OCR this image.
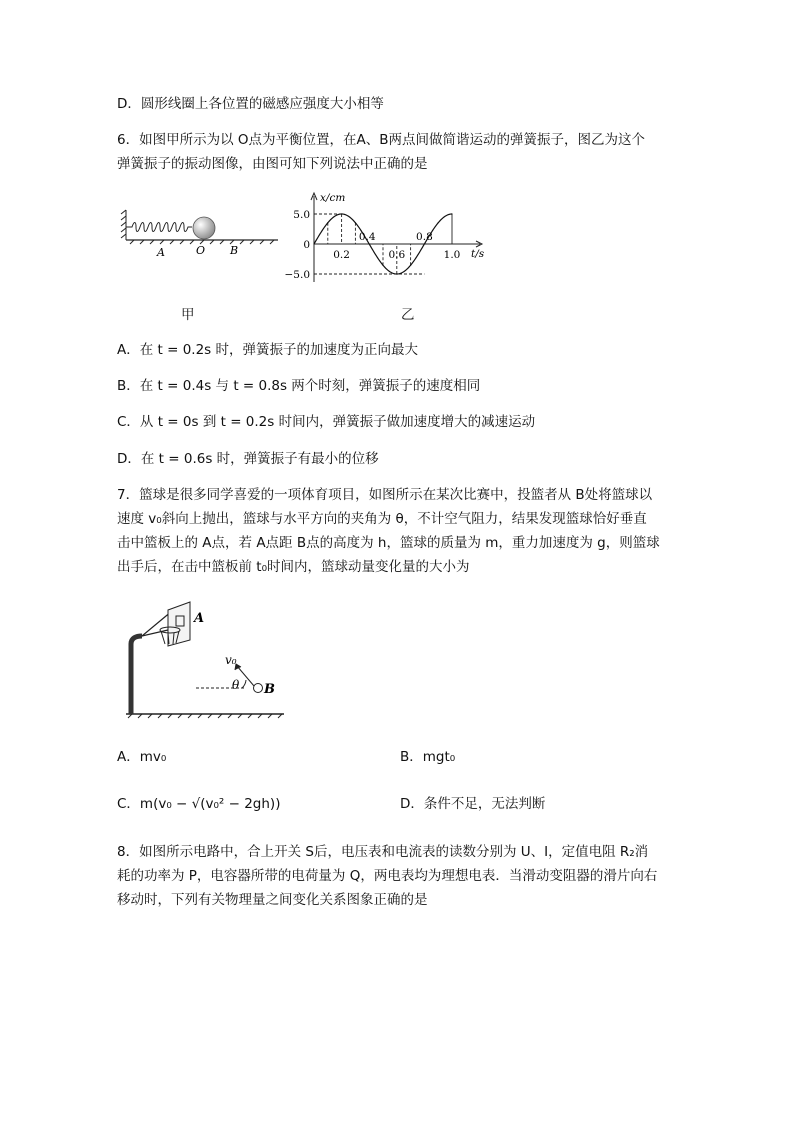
D．圆形线圈上各位置的磁感应强度大小相等
6．如图甲所示为以 O点为平衡位置，在A、B两点间做简谐运动的弹簧振子，图乙为这个
弹簧振子的振动图像，由图可知下列说法中正确的是
A	O B
5.0
0
−5.0
0.2
0.4
0.6
0.8
1.0
x/cm
t/s
甲	乙
A．在 t = 0.2s 时，弹簧振子的加速度为正向最大
B．在 t = 0.4s 与 t = 0.8s 两个时刻，弹簧振子的速度相同
C．从 t = 0s 到 t = 0.2s 时间内，弹簧振子做加速度增大的减速运动
D．在 t = 0.6s 时，弹簧振子有最小的位移
7．篮球是很多同学喜爱的一项体育项目，如图所示在某次比赛中，投篮者从 B处将篮球以
速度 v₀斜向上抛出，篮球与水平方向的夹角为 θ，不计空气阻力，结果发现篮球恰好垂直
击中篮板上的 A点，若 A点距 B点的高度为 h，篮球的质量为 m，重力加速度为 g，则篮球
出手后，在击中篮板前 t₀时间内，篮球动量变化量的大小为
A
B
v₀
θ
A．mv₀	B．mgt₀
C．m(v₀ − √(v₀² − 2gh))	D．条件不足，无法判断
8．如图所示电路中，合上开关 S后，电压表和电流表的读数分别为 U、I，定值电阻 R₂消
耗的功率为 P，电容器所带的电荷量为 Q，两电表均为理想电表．当滑动变阻器的滑片向右
移动时，下列有关物理量之间变化关系图象正确的是
